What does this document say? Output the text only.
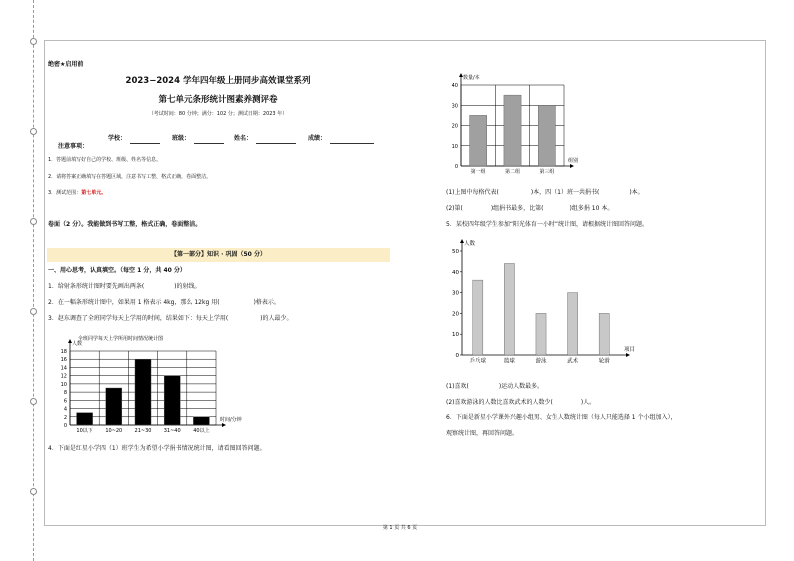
绝密★启用前
2023−2024 学年四年级上册同步高效课堂系列
第七单元条形统计图素养测评卷
（考试时间：80 分钟；满分：102 分；测试日期：2023 年）
学校：	班级：	姓名：	成绩：
注意事项：
1．答题前填写好自己的学校、班级、姓名等信息。
2．请将答案正确填写在答题区域，注意书写工整，格式正确，卷面整洁。
3．测试范围：第七单元。
卷面（2 分）。我能做到书写工整，格式正确，卷面整洁。
【第一部分】知识 · 巩固（50 分）
一、用心思考，认真填空。（每空 1 分，共 40 分）
1．给射条形统计图时要先画出两条(	)的射线。
2．在一幅条形统计图中，如果用 1 格表示 4kg，那么 12kg 用(	)格表示。
3．赵东调查了全班同学每天上学用的时间，结果如下：每天上学用(	)的人最少。
0
2
4
6
8
10
12
14
16
18
10以下	10~20 21~30 31~40	40以上
人数
时间/分钟
全班同学每天上学所用时间情况统计图
4．下面是红星小学四（1）班学生为希望小学捐书情况统计图，请看图回答问题。
0
10
20
30
40
第一组	第二组	第三组
数量/本
组别
(1)上图中每格代表(	)本，四（1）班一共捐书(	)本。
(2)第(	)组捐书最多，比第(	)组多捐 10 本。
5．某校四年级学生参加“阳光体育一小时”统计图，请根据统计图回答问题。
0
10
20
30
40
50
乒乓球	篮球	游泳	武术	轮滑
人数
项目
(1)喜欢(	)运动人数最多。
(2)喜欢游泳的人数比喜欢武术的人数少(	)人。
6．下面是新星小学课外兴趣小组男、女生人数统计图（每人只能选择 1 个小组加入），
观察统计图，再回答问题。
第 1 页 共 6 页
